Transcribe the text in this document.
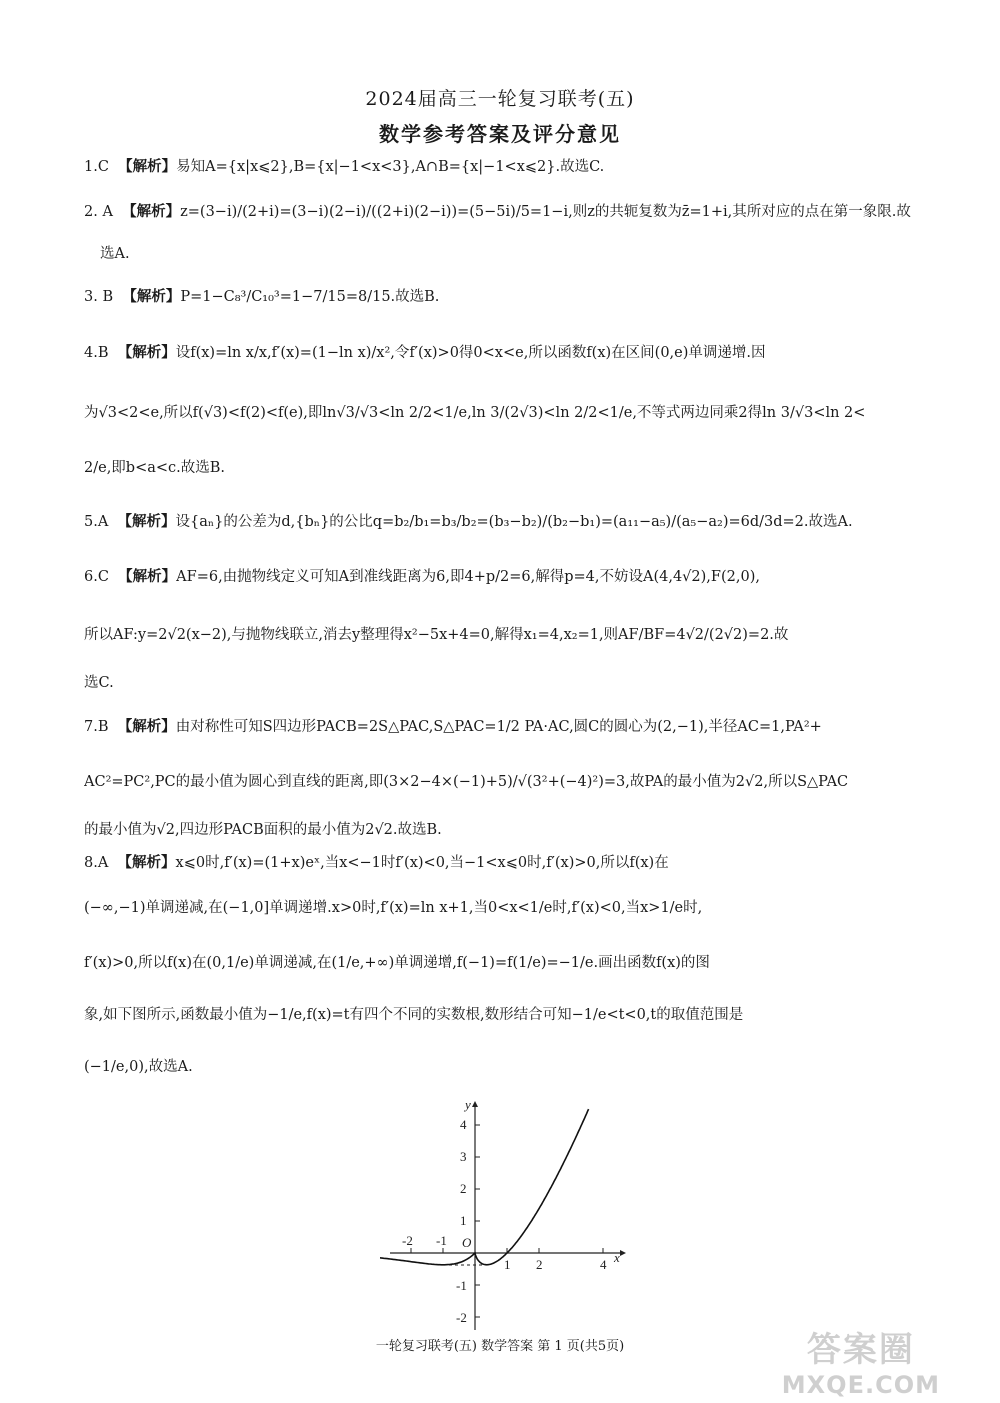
2024届高三一轮复习联考(五)
数学参考答案及评分意见
1.C 【解析】易知A={x|x⩽2},B={x|−1<x<3},A∩B={x|−1<x⩽2}.故选C.
2. A 【解析】z=(3−i)/(2+i)=(3−i)(2−i)/((2+i)(2−i))=(5−5i)/5=1−i,则z的共轭复数为z̄=1+i,其所对应的点在第一象限.故
选A.
3. B 【解析】P=1−C₈³/C₁₀³=1−7/15=8/15.故选B.
4.B 【解析】设f(x)=ln x/x,f′(x)=(1−ln x)/x²,令f′(x)>0得0<x<e,所以函数f(x)在区间(0,e)单调递增.因
为√3<2<e,所以f(√3)<f(2)<f(e),即ln√3/√3<ln 2/2<1/e,ln 3/(2√3)<ln 2/2<1/e,不等式两边同乘2得ln 3/√3<ln 2<
2/e,即b<a<c.故选B.
5.A 【解析】设{aₙ}的公差为d,{bₙ}的公比q=b₂/b₁=b₃/b₂=(b₃−b₂)/(b₂−b₁)=(a₁₁−a₅)/(a₅−a₂)=6d/3d=2.故选A.
6.C 【解析】AF=6,由抛物线定义可知A到准线距离为6,即4+p/2=6,解得p=4,不妨设A(4,4√2),F(2,0),
所以AF:y=2√2(x−2),与抛物线联立,消去y整理得x²−5x+4=0,解得x₁=4,x₂=1,则AF/BF=4√2/(2√2)=2.故
选C.
7.B 【解析】由对称性可知S四边形PACB=2S△PAC,S△PAC=1/2 PA·AC,圆C的圆心为(2,−1),半径AC=1,PA²+
AC²=PC²,PC的最小值为圆心到直线的距离,即(3×2−4×(−1)+5)/√(3²+(−4)²)=3,故PA的最小值为2√2,所以S△PAC
的最小值为√2,四边形PACB面积的最小值为2√2.故选B.
8.A 【解析】x⩽0时,f′(x)=(1+x)eˣ,当x<−1时f′(x)<0,当−1<x⩽0时,f′(x)>0,所以f(x)在
(−∞,−1)单调递减,在(−1,0]单调递增.x>0时,f′(x)=ln x+1,当0<x<1/e时,f′(x)<0,当x>1/e时,
f′(x)>0,所以f(x)在(0,1/e)单调递减,在(1/e,+∞)单调递增,f(−1)=f(1/e)=−1/e.画出函数f(x)的图
象,如下图所示,函数最小值为−1/e,f(x)=t有四个不同的实数根,数形结合可知−1/e<t<0,t的取值范围是
(−1/e,0),故选A.
4
3
2
1
-1
-2
-2 -1
1 2	4
O
x
y
一轮复习联考(五) 数学答案 第 1 页(共5页)	答案圈
MXQE.COM
